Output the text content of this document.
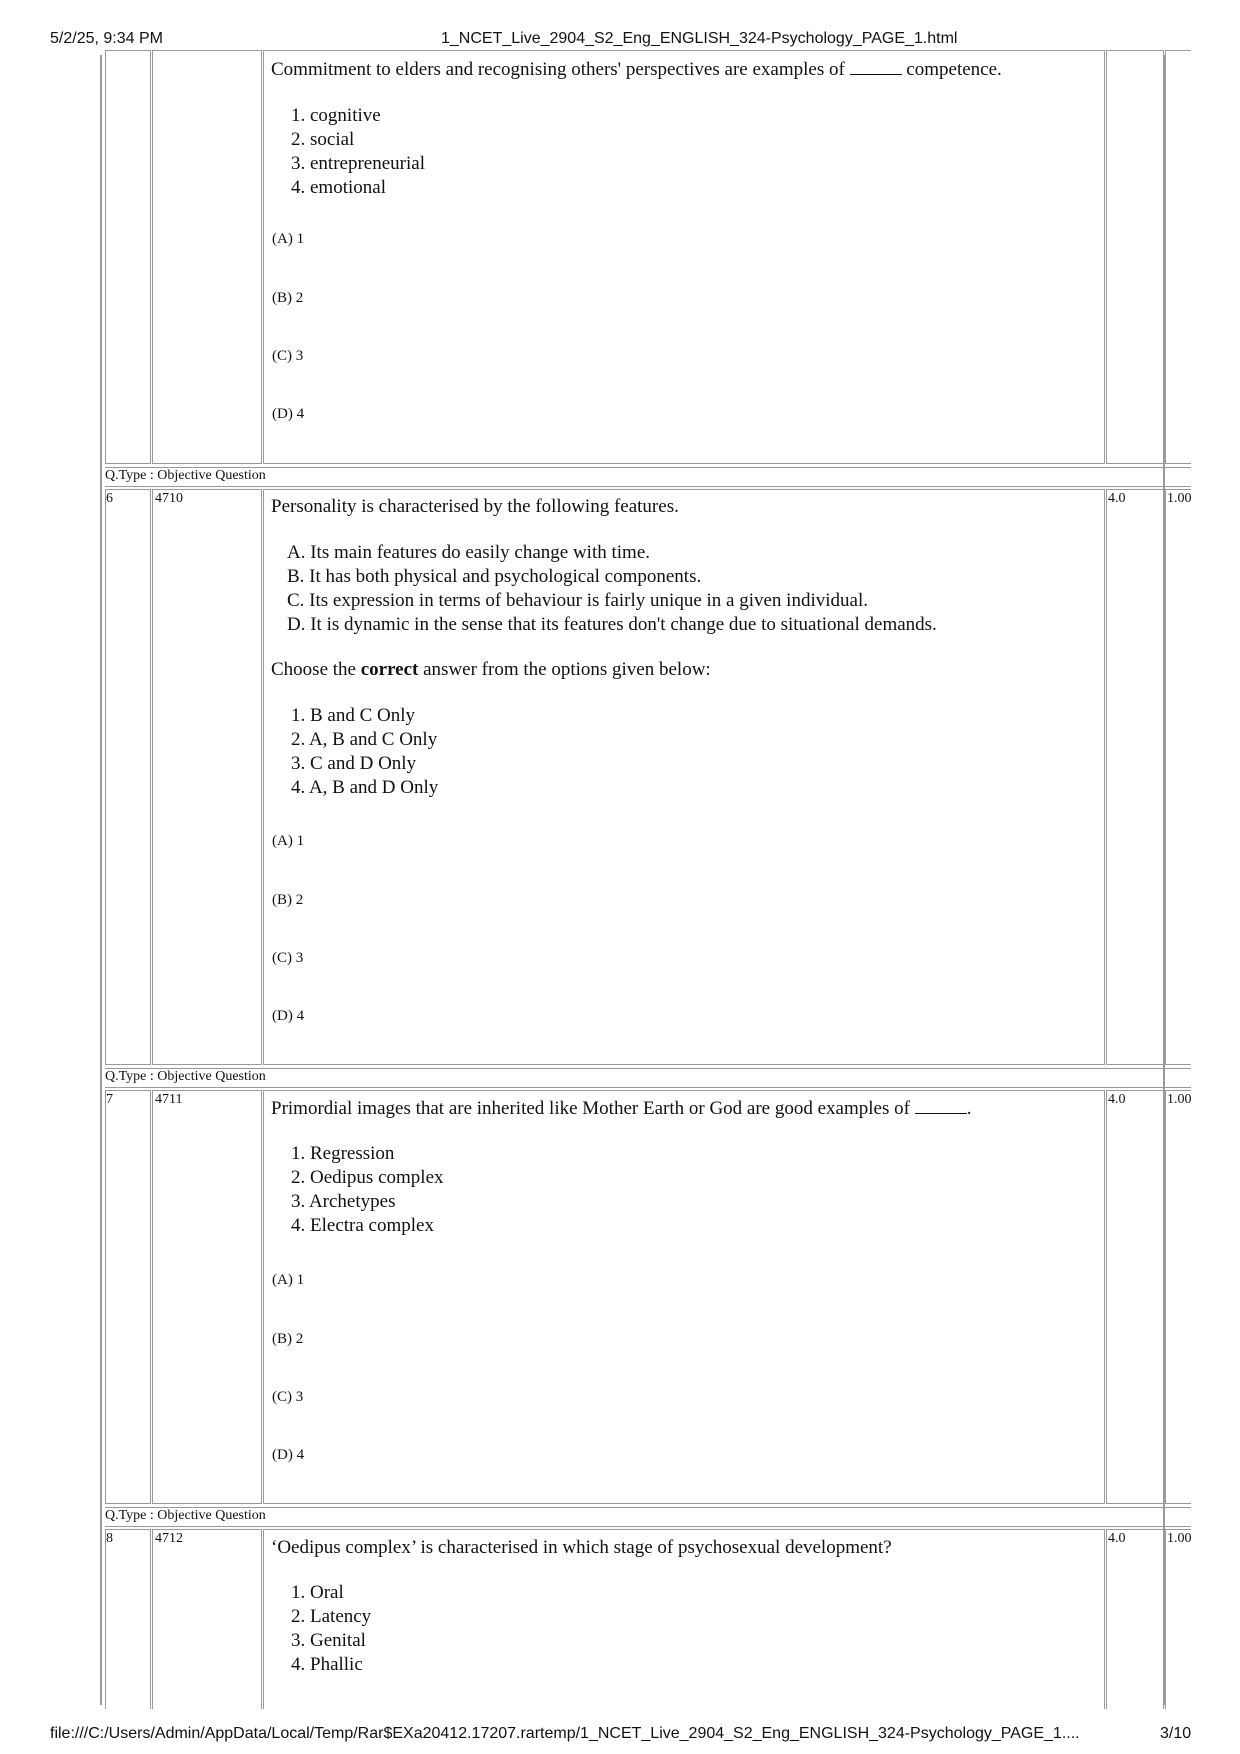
5/2/25, 9:34 PM	1_NCET_Live_2904_S2_Eng_ENGLISH_324-Psychology_PAGE_1.html
Commitment to elders and recognising others' perspectives are examples of	competence.
1. cognitive
2. social
3. entrepreneurial
4. emotional
(A) 1
(B) 2
(C) 3
(D) 4
Q.Type : Objective Question
6	4710	4.0	1.00
Personality is characterised by the following features.
A. Its main features do easily change with time.
B. It has both physical and psychological components.
C. Its expression in terms of behaviour is fairly unique in a given individual.
D. It is dynamic in the sense that its features don't change due to situational demands.
Choose the correct answer from the options given below:
1. B and C Only
2. A, B and C Only
3. C and D Only
4. A, B and D Only
(A) 1
(B) 2
(C) 3
(D) 4
Q.Type : Objective Question
7	4711	4.0	1.00
Primordial images that are inherited like Mother Earth or God are good examples of	.
1. Regression
2. Oedipus complex
3. Archetypes
4. Electra complex
(A) 1
(B) 2
(C) 3
(D) 4
Q.Type : Objective Question
8	4712	4.0	1.00
‘Oedipus complex’ is characterised in which stage of psychosexual development?
1. Oral
2. Latency
3. Genital
4. Phallic
file:///C:/Users/Admin/AppData/Local/Temp/Rar$EXa20412.17207.rartemp/1_NCET_Live_2904_S2_Eng_ENGLISH_324-Psychology_PAGE_1....	3/10
